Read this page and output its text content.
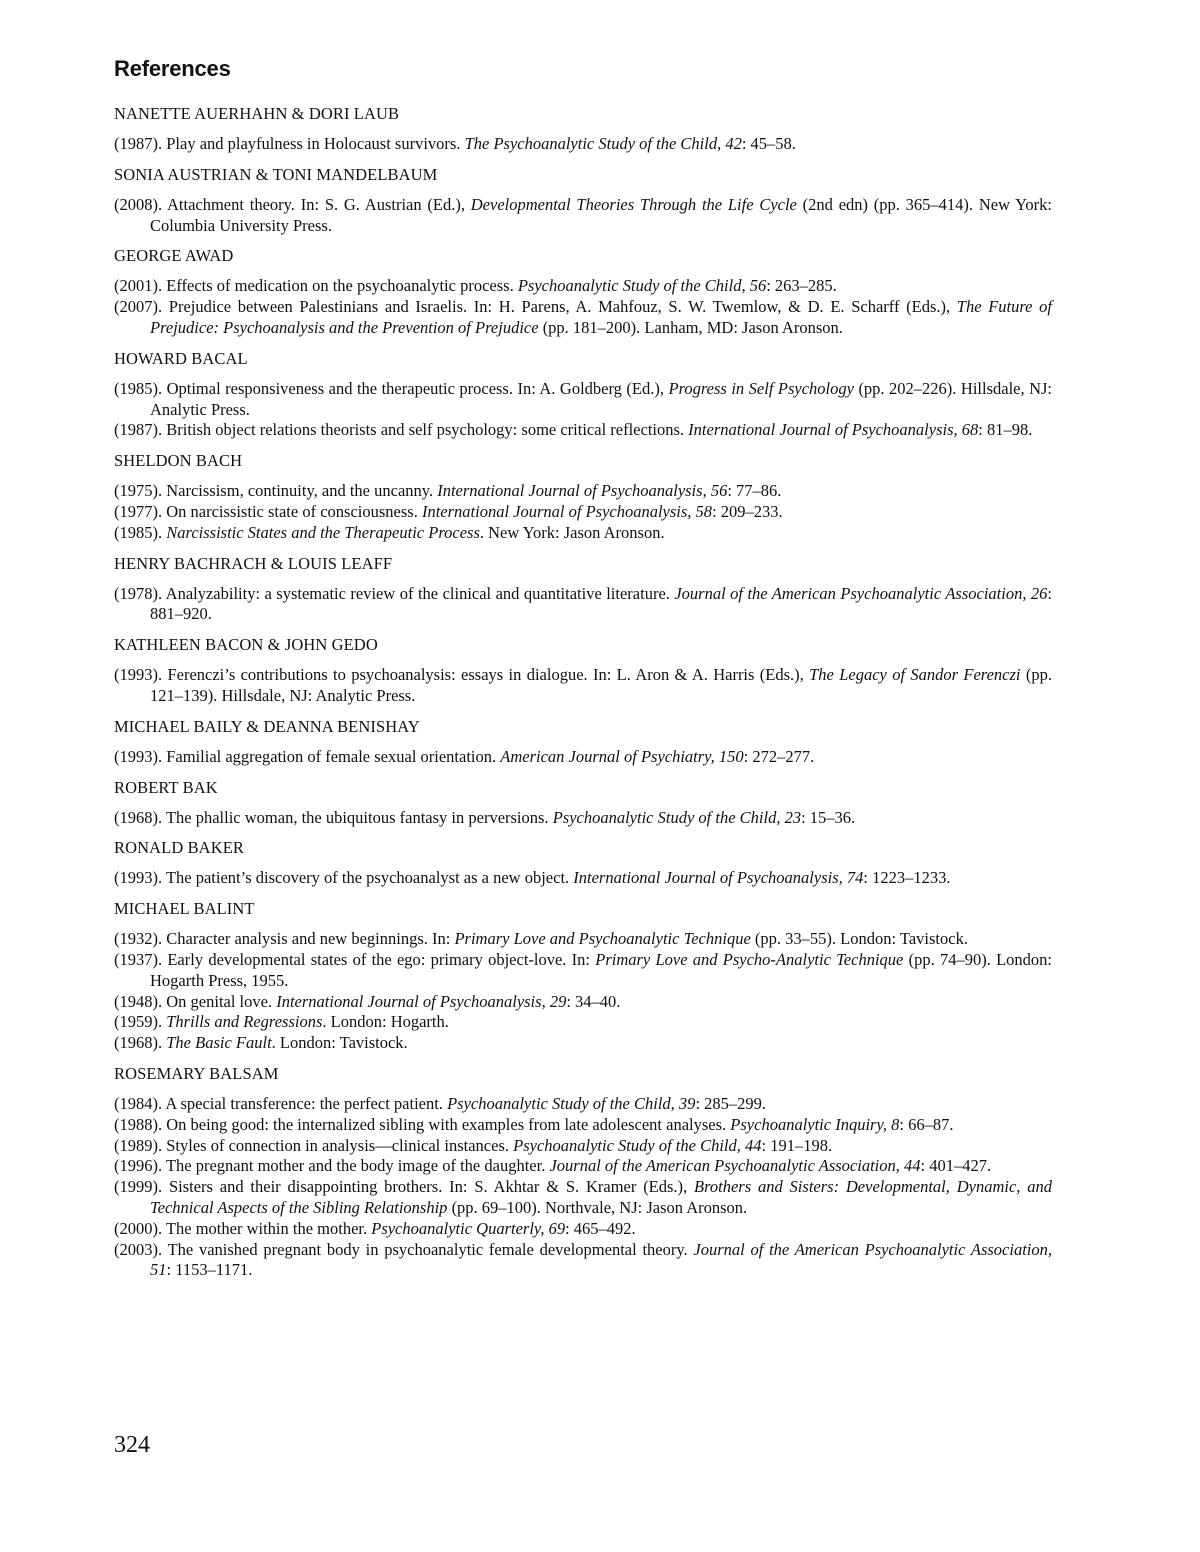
References
NANETTE AUERHAHN & DORI LAUB
(1987). Play and playfulness in Holocaust survivors. The Psychoanalytic Study of the Child, 42: 45–58.
SONIA AUSTRIAN & TONI MANDELBAUM
(2008). Attachment theory. In: S. G. Austrian (Ed.), Developmental Theories Through the Life Cycle (2nd edn) (pp. 365–414). New York: Columbia University Press.
GEORGE AWAD
(2001). Effects of medication on the psychoanalytic process. Psychoanalytic Study of the Child, 56: 263–285.
(2007). Prejudice between Palestinians and Israelis. In: H. Parens, A. Mahfouz, S. W. Twemlow, & D. E. Scharff (Eds.), The Future of Prejudice: Psychoanalysis and the Prevention of Prejudice (pp. 181–200). Lanham, MD: Jason Aronson.
HOWARD BACAL
(1985). Optimal responsiveness and the therapeutic process. In: A. Goldberg (Ed.), Progress in Self Psychology (pp. 202–226). Hillsdale, NJ: Analytic Press.
(1987). British object relations theorists and self psychology: some critical reflections. International Journal of Psychoanalysis, 68: 81–98.
SHELDON BACH
(1975). Narcissism, continuity, and the uncanny. International Journal of Psychoanalysis, 56: 77–86.
(1977). On narcissistic state of consciousness. International Journal of Psychoanalysis, 58: 209–233.
(1985). Narcissistic States and the Therapeutic Process. New York: Jason Aronson.
HENRY BACHRACH & LOUIS LEAFF
(1978). Analyzability: a systematic review of the clinical and quantitative literature. Journal of the American Psychoanalytic Association, 26: 881–920.
KATHLEEN BACON & JOHN GEDO
(1993). Ferenczi’s contributions to psychoanalysis: essays in dialogue. In: L. Aron & A. Harris (Eds.), The Legacy of Sandor Ferenczi (pp. 121–139). Hillsdale, NJ: Analytic Press.
MICHAEL BAILY & DEANNA BENISHAY
(1993). Familial aggregation of female sexual orientation. American Journal of Psychiatry, 150: 272–277.
ROBERT BAK
(1968). The phallic woman, the ubiquitous fantasy in perversions. Psychoanalytic Study of the Child, 23: 15–36.
RONALD BAKER
(1993). The patient’s discovery of the psychoanalyst as a new object. International Journal of Psychoanalysis, 74: 1223–1233.
MICHAEL BALINT
(1932). Character analysis and new beginnings. In: Primary Love and Psychoanalytic Technique (pp. 33–55). London: Tavistock.
(1937). Early developmental states of the ego: primary object-love. In: Primary Love and Psycho-Analytic Technique (pp. 74–90). London: Hogarth Press, 1955.
(1948). On genital love. International Journal of Psychoanalysis, 29: 34–40.
(1959). Thrills and Regressions. London: Hogarth.
(1968). The Basic Fault. London: Tavistock.
ROSEMARY BALSAM
(1984). A special transference: the perfect patient. Psychoanalytic Study of the Child, 39: 285–299.
(1988). On being good: the internalized sibling with examples from late adolescent analyses. Psychoanalytic Inquiry, 8: 66–87.
(1989). Styles of connection in analysis—clinical instances. Psychoanalytic Study of the Child, 44: 191–198.
(1996). The pregnant mother and the body image of the daughter. Journal of the American Psychoanalytic Association, 44: 401–427.
(1999). Sisters and their disappointing brothers. In: S. Akhtar & S. Kramer (Eds.), Brothers and Sisters: Developmental, Dynamic, and Technical Aspects of the Sibling Relationship (pp. 69–100). Northvale, NJ: Jason Aronson.
(2000). The mother within the mother. Psychoanalytic Quarterly, 69: 465–492.
(2003). The vanished pregnant body in psychoanalytic female developmental theory. Journal of the American Psychoanalytic Association, 51: 1153–1171.
324
